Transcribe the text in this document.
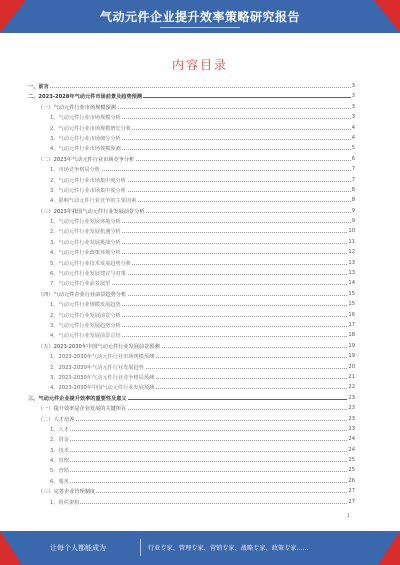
气动元件企业提升效率策略研究报告
内容目录
一、前言	3
二、2023-2028年气动元件市场前景及趋势预测	3
（一）气动元件行业市场规模预测	3
1、气动元件行业市场规模分析	3
2、气动元件行业市场规模增长分析	4
3、气动元件行业市场细分分析	4
4、气动元件行业市场规模预测	5
（二）2023年气动元件行业市场竞争分析	6
1、市场竞争格局分析	7
2、气动元件行业市场集中度分析	7
3、气动元件行业市场集中度分析	8
4、影响气动元件行业竞争的主要因素	8
（三）2023年我国气动元件行业发展前景分析	9
1、气动元件行业发展环境分析	9
2、气动元件行业发展机遇分析	10
3、气动元件行业发展挑战分析	11
4、气动元件行业政策环境分析	12
5、气动元件行业技术发展趋势分析	13
6、气动元件行业发展建议与对策	13
7、气动元件行业前景展望	14
（四）气动元件企业行业前景趋势分析	15
1、气动元件行业规模发展趋势	15
2、气动元件行业发展前景分析	16
3、气动元件行业发展趋势分析	17
4、气动元件行业发展前景总结	18
（五）2023-2030年中国气动元件行业发展前景预测	19
1、2023-2030年气动元件行业市场规模预测	19
2、2023-2030年气动元件行业发展趋势	20
3、2023-2030年气动元件行业竞争格局预测	21
4、2023-2030年中国气动元件行业发展预测	22
三、气动元件企业提升效率的重要性及意义	23
（一）提升效率是企业发展的关键所在	23
（二）人才培养	23
1、人才	23
2、资金	24
3、技术	24
4、管理	25
5、营销	25
6、服务	26
（三）完善企业管理制度	27
1、组织架构	27
1
让每个人都能成为	行业专家、管理专家、营销专家、战略专家、政策专家……
